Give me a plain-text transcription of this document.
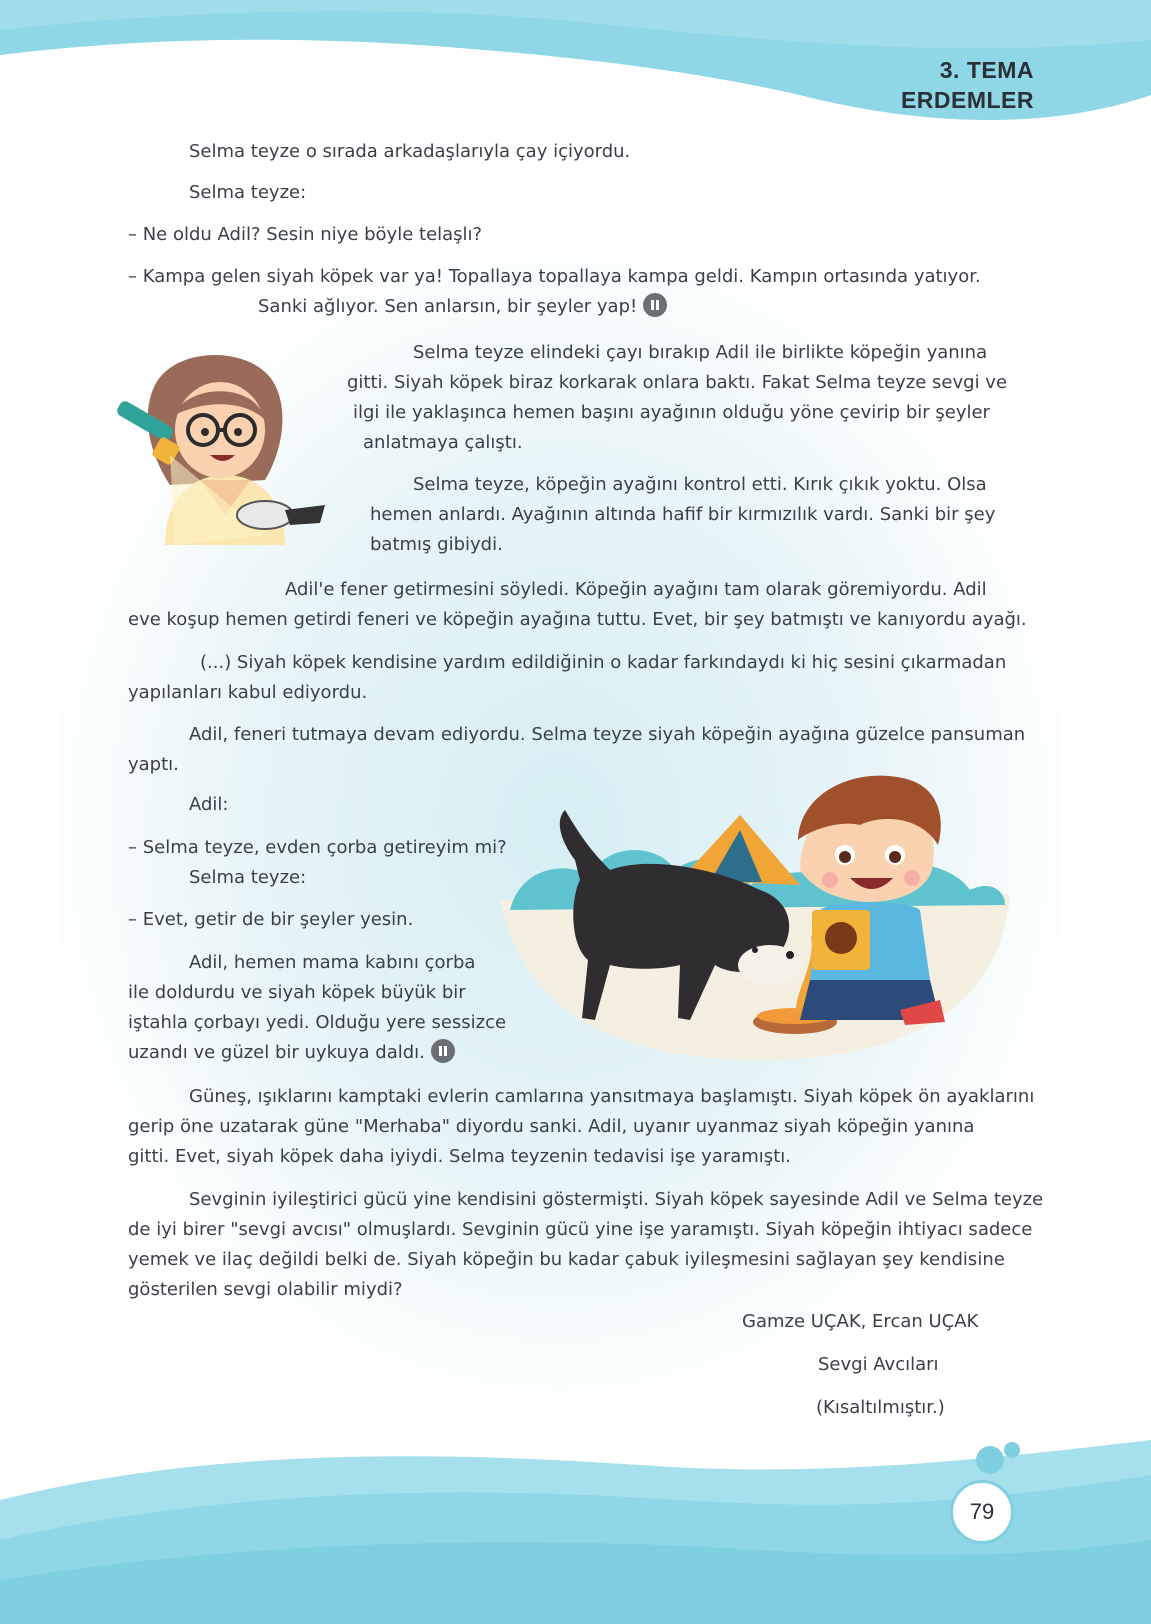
3. TEMA
ERDEMLER
Selma teyze o sırada arkadaşlarıyla çay içiyordu.
Selma teyze:
– Ne oldu Adil? Sesin niye böyle telaşlı?
– Kampa gelen siyah köpek var ya! Topallaya topallaya kampa geldi. Kampın ortasında yatıyor.
Sanki ağlıyor. Sen anlarsın, bir şeyler yap!
Selma teyze elindeki çayı bırakıp Adil ile birlikte köpeğin yanına
gitti. Siyah köpek biraz korkarak onlara baktı. Fakat Selma teyze sevgi ve
ilgi ile yaklaşınca hemen başını ayağının olduğu yöne çevirip bir şeyler
anlatmaya çalıştı.
Selma teyze, köpeğin ayağını kontrol etti. Kırık çıkık yoktu. Olsa
hemen anlardı. Ayağının altında hafif bir kırmızılık vardı. Sanki bir şey
batmış gibiydi.
Adil'e fener getirmesini söyledi. Köpeğin ayağını tam olarak göremiyordu. Adil
eve koşup hemen getirdi feneri ve köpeğin ayağına tuttu. Evet, bir şey batmıştı ve kanıyordu ayağı.
(...) Siyah köpek kendisine yardım edildiğinin o kadar farkındaydı ki hiç sesini çıkarmadan
yapılanları kabul ediyordu.
Adil, feneri tutmaya devam ediyordu. Selma teyze siyah köpeğin ayağına güzelce pansuman
yaptı.
Adil:
– Selma teyze, evden çorba getireyim mi?
Selma teyze:
– Evet, getir de bir şeyler yesin.
Adil, hemen mama kabını çorba
ile doldurdu ve siyah köpek büyük bir
iştahla çorbayı yedi. Olduğu yere sessizce
uzandı ve güzel bir uykuya daldı.
Güneş, ışıklarını kamptaki evlerin camlarına yansıtmaya başlamıştı. Siyah köpek ön ayaklarını
gerip öne uzatarak güne "Merhaba" diyordu sanki. Adil, uyanır uyanmaz siyah köpeğin yanına
gitti. Evet, siyah köpek daha iyiydi. Selma teyzenin tedavisi işe yaramıştı.
Sevginin iyileştirici gücü yine kendisini göstermişti. Siyah köpek sayesinde Adil ve Selma teyze
de iyi birer "sevgi avcısı" olmuşlardı. Sevginin gücü yine işe yaramıştı. Siyah köpeğin ihtiyacı sadece
yemek ve ilaç değildi belki de. Siyah köpeğin bu kadar çabuk iyileşmesini sağlayan şey kendisine
gösterilen sevgi olabilir miydi?
Gamze UÇAK, Ercan UÇAK
Sevgi Avcıları
(Kısaltılmıştır.)
79
